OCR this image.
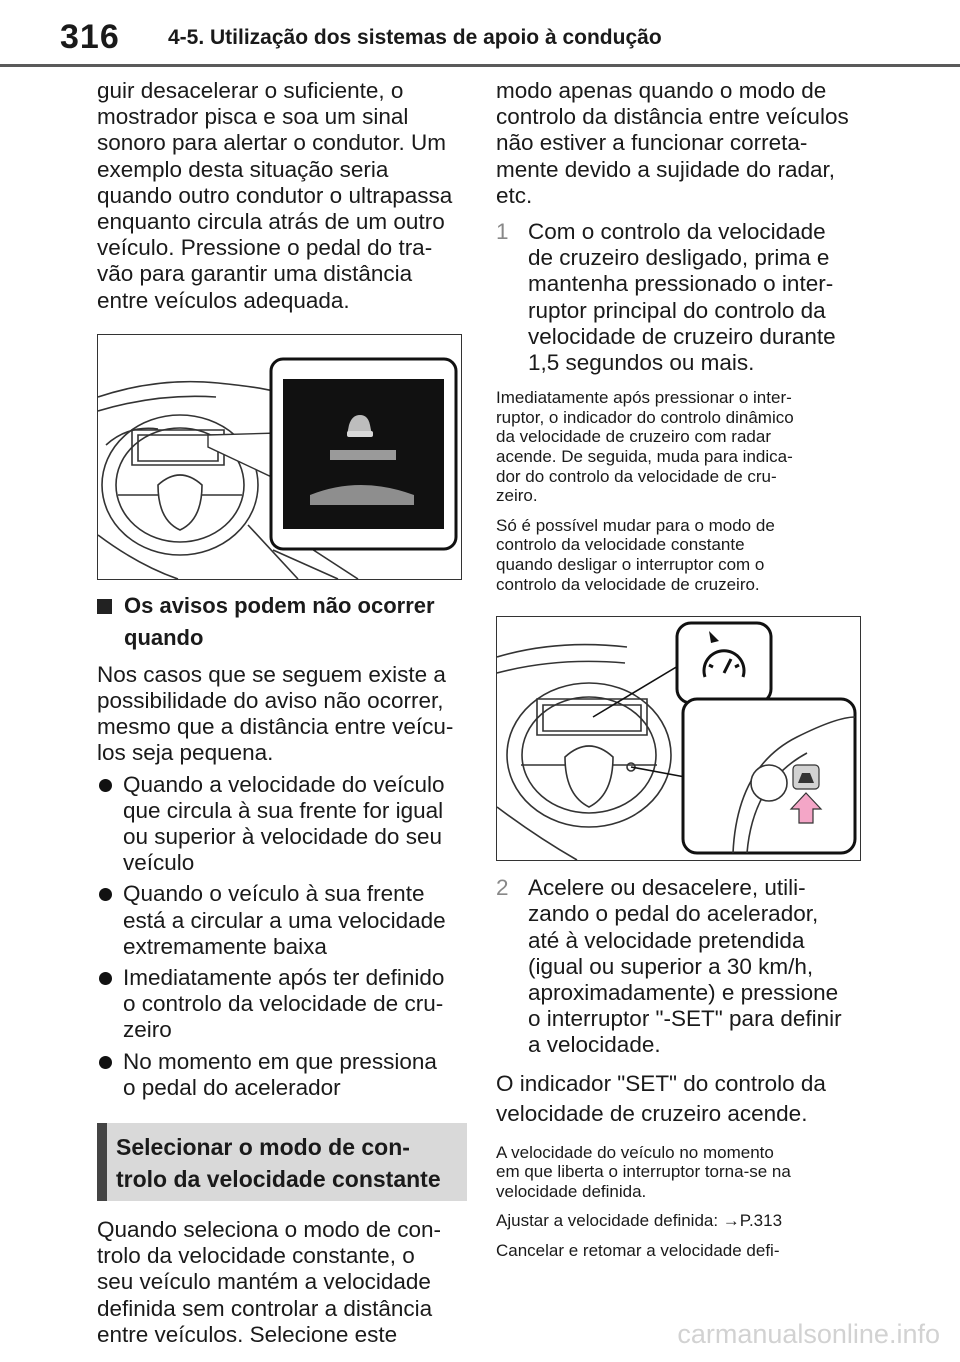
316 4-5. Utilização dos sistemas de apoio à condução

guir desacelerar o suficiente, o

mostrador pisca e soa um sinal

sonoro para alertar o condutor. Um

exemplo desta situação seria

quando outro condutor o ultrapassa

enquanto circula atrás de um outro

veículo. Pressione o pedal do tra-

vão para garantir uma distância

entre veículos adequada.

Os avisos podem não ocorrer
quando

Nos casos que se seguem existe a

possibilidade do aviso não ocorrer,

mesmo que a distância entre veícu-

los seja pequena.

Quando a velocidade do veículo
que circula à sua frente for igual
ou superior à velocidade do seu
veículo
Quando o veículo à sua frente
está a circular a uma velocidade
extremamente baixa
Imediatamente após ter definido
o controlo da velocidade de cru-
zeiro
No momento em que pressiona
o pedal do acelerador
Selecionar o modo de con-
trolo da velocidade constante

Quando seleciona o modo de con-

trolo da velocidade constante, o

seu veículo mantém a velocidade

definida sem controlar a distância

entre veículos. Selecione este

modo apenas quando o modo de

controlo da distância entre veículos

não estiver a funcionar correta-

mente devido a sujidade do radar,

etc.

1 Com o controlo da velocidade
de cruzeiro desligado, prima e
mantenha pressionado o inter-
ruptor principal do controlo da
velocidade de cruzeiro durante
1,5 segundos ou mais.

Imediatamente após pressionar o inter-

ruptor, o indicador do controlo dinâmico

da velocidade de cruzeiro com radar

acende. De seguida, muda para indica-

dor do controlo da velocidade de cru-

zeiro.

Só é possível mudar para o modo de

controlo da velocidade constante

quando desligar o interruptor com o

controlo da velocidade de cruzeiro.

2 Acelere ou desacelere, utili-
zando o pedal do acelerador,
até à velocidade pretendida
(igual ou superior a 30 km/h,
aproximadamente) e pressione
o interruptor "-SET" para definir
a velocidade.

O indicador "SET" do controlo da

velocidade de cruzeiro acende.

A velocidade do veículo no momento

em que liberta o interruptor torna-se na

velocidade definida.

Ajustar a velocidade definida: →P.313

Cancelar e retomar a velocidade defi-

carmanualsonline.info
